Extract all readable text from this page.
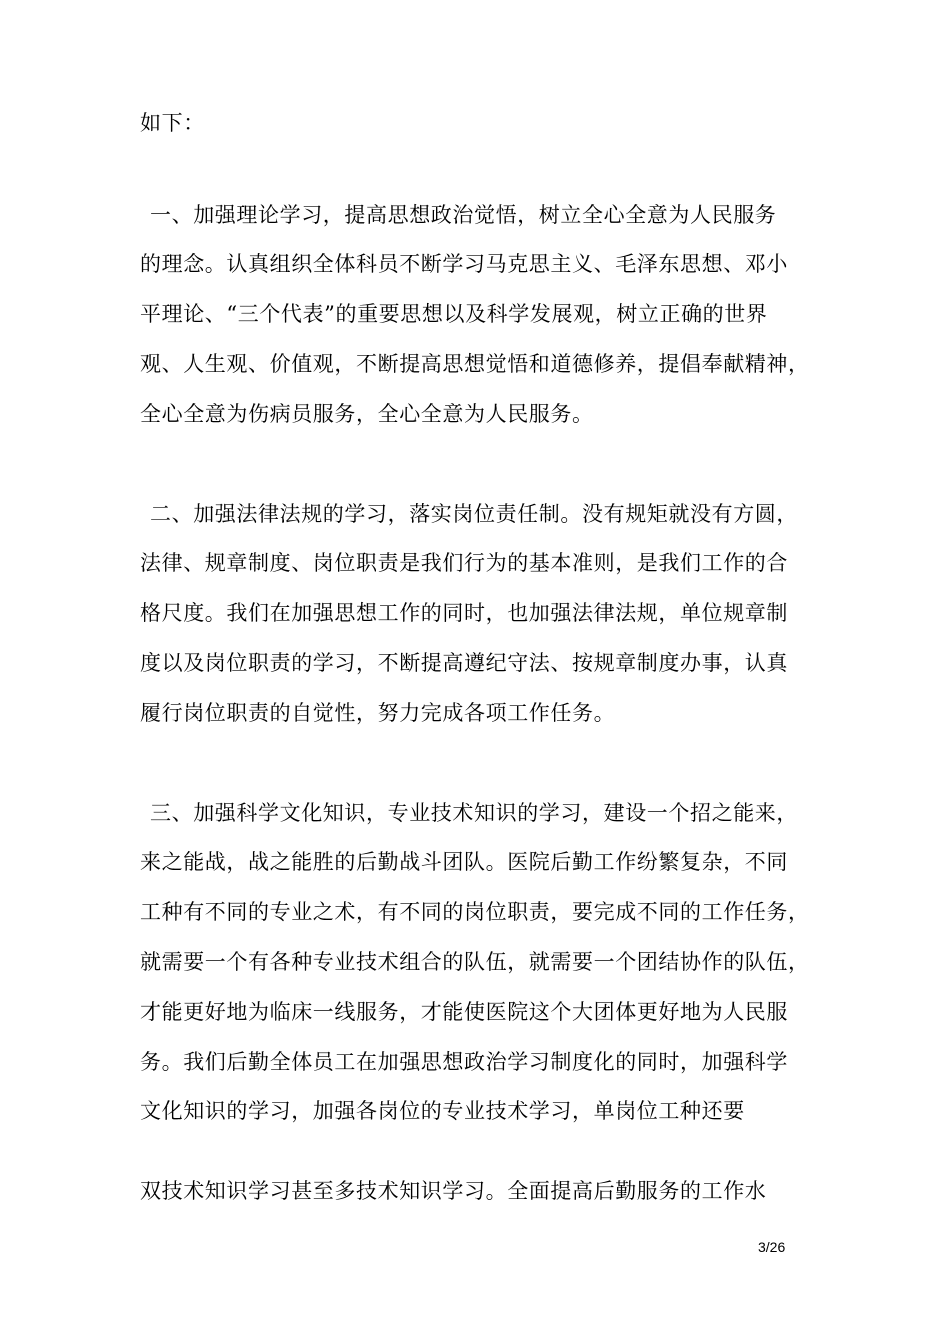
如下：
一、加强理论学习，提高思想政治觉悟，树立全心全意为人民服务
的理念。认真组织全体科员不断学习马克思主义、毛泽东思想、邓小
平理论、“三个代表”的重要思想以及科学发展观，树立正确的世界
观、人生观、价值观，不断提高思想觉悟和道德修养，提倡奉献精神，
全心全意为伤病员服务，全心全意为人民服务。
二、加强法律法规的学习，落实岗位责任制。没有规矩就没有方圆，
法律、规章制度、岗位职责是我们行为的基本准则，是我们工作的合
格尺度。我们在加强思想工作的同时，也加强法律法规，单位规章制
度以及岗位职责的学习，不断提高遵纪守法、按规章制度办事，认真
履行岗位职责的自觉性，努力完成各项工作任务。
三、加强科学文化知识，专业技术知识的学习，建设一个招之能来，
来之能战，战之能胜的后勤战斗团队。医院后勤工作纷繁复杂，不同
工种有不同的专业之术，有不同的岗位职责，要完成不同的工作任务，
就需要一个有各种专业技术组合的队伍，就需要一个团结协作的队伍，
才能更好地为临床一线服务，才能使医院这个大团体更好地为人民服
务。我们后勤全体员工在加强思想政治学习制度化的同时，加强科学
文化知识的学习，加强各岗位的专业技术学习，单岗位工种还要
双技术知识学习甚至多技术知识学习。全面提高后勤服务的工作水
3/26
